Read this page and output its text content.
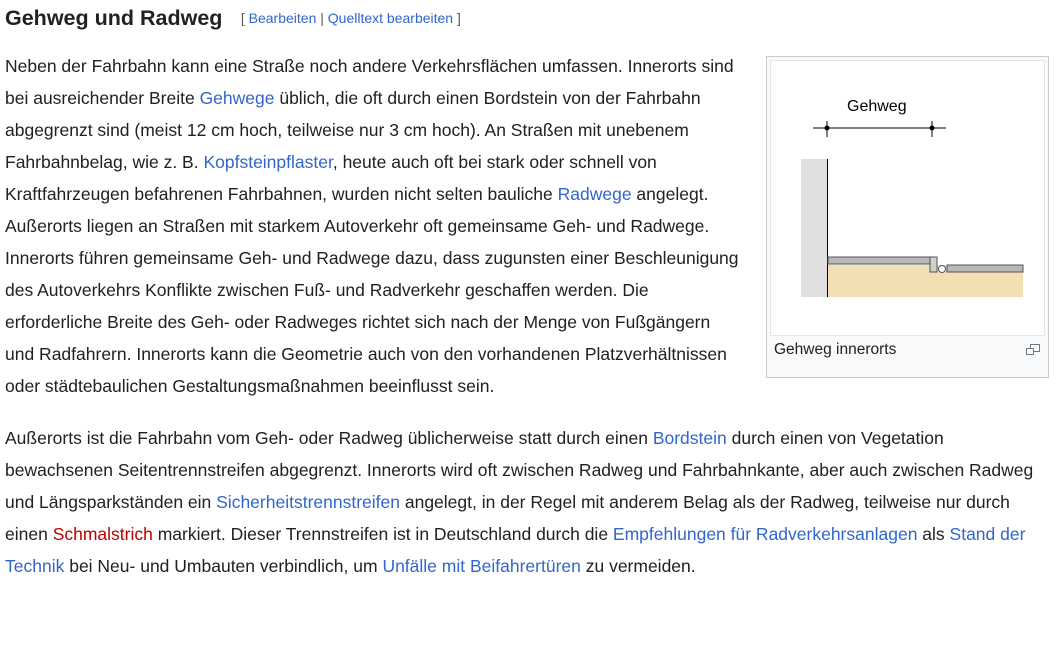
Gehweg und Radweg [ Bearbeiten | Quelltext bearbeiten ]
Gehweg
Gehweg innerorts

Neben der Fahrbahn kann eine Straße noch andere Verkehrsflächen umfassen. Innerorts sind bei ausreichender Breite Gehwege üblich, die oft durch einen Bordstein von der Fahrbahn abgegrenzt sind (meist 12 cm hoch, teilweise nur 3 cm hoch). An Straßen mit unebenem Fahrbahnbelag, wie z. B. Kopfsteinpflaster, heute auch oft bei stark oder schnell von Kraftfahrzeugen befahrenen Fahrbahnen, wurden nicht selten bauliche Radwege angelegt. Außerorts liegen an Straßen mit starkem Autoverkehr oft gemeinsame Geh- und Radwege. Innerorts führen gemeinsame Geh- und Radwege dazu, dass zugunsten einer Beschleunigung des Autoverkehrs Konflikte zwischen Fuß- und Radverkehr geschaffen werden. Die erforderliche Breite des Geh- oder Radweges richtet sich nach der Menge von Fußgängern und Radfahrern. Innerorts kann die Geometrie auch von den vorhandenen Platzverhältnissen oder städtebaulichen Gestaltungsmaßnahmen beeinflusst sein.

Außerorts ist die Fahrbahn vom Geh- oder Radweg üblicherweise statt durch einen Bordstein durch einen von Vegetation bewachsenen Seitentrennstreifen abgegrenzt. Innerorts wird oft zwischen Radweg und Fahrbahnkante, aber auch zwischen Radweg und Längsparkständen ein Sicherheitstrennstreifen angelegt, in der Regel mit anderem Belag als der Radweg, teilweise nur durch einen Schmalstrich markiert. Dieser Trennstreifen ist in Deutschland durch die Empfehlungen für Radverkehrsanlagen als Stand der Technik bei Neu- und Umbauten verbindlich, um Unfälle mit Beifahrertüren zu vermeiden.
